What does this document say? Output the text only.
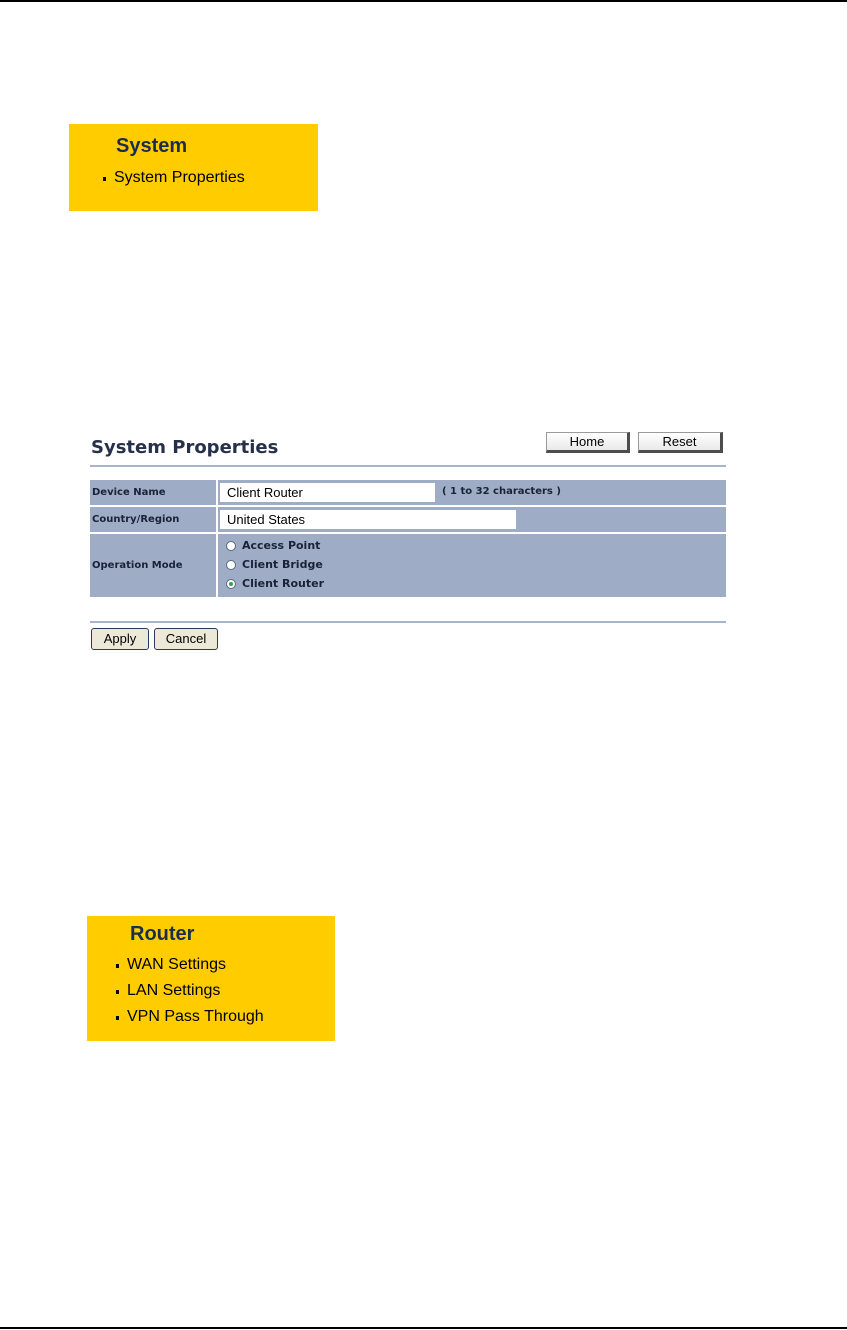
System
System Properties
System Properties	Home	Reset
Device Name	Client Router	( 1 to 32 characters )
Country/Region	United States
Operation Mode
Access Point
Client Bridge
Client Router
Apply	Cancel
Router
WAN Settings
LAN Settings
VPN Pass Through
